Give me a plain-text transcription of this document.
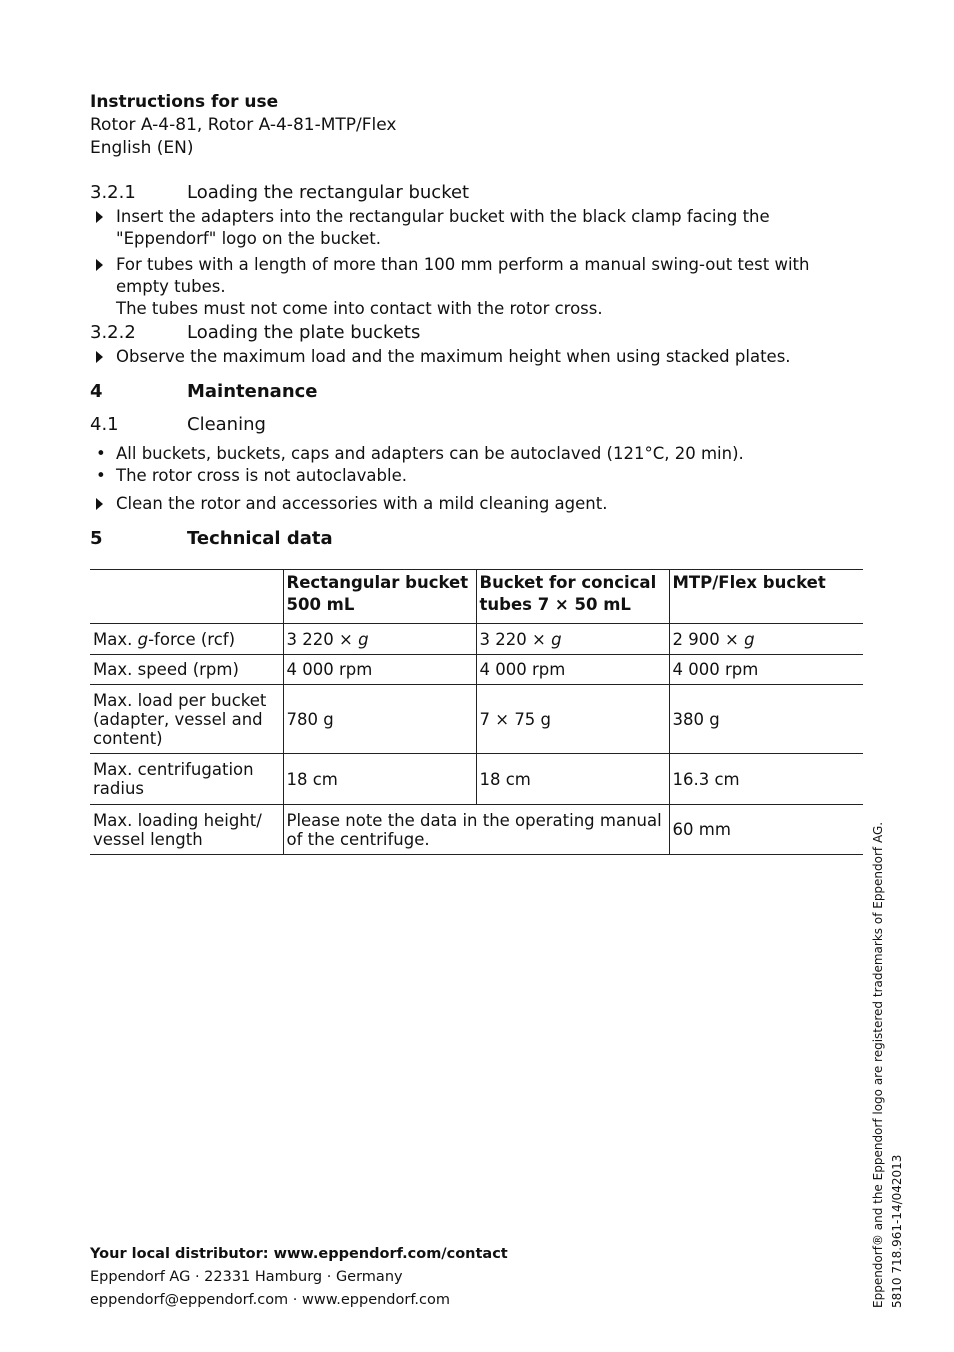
Instructions for use
Rotor A-4-81, Rotor A-4-81-MTP/Flex
English (EN)
3.2.1	Loading the rectangular bucket
Insert the adapters into the rectangular bucket with the black clamp facing the "Eppendorf" logo on the bucket.
For tubes with a length of more than 100 mm perform a manual swing-out test with empty tubes.
The tubes must not come into contact with the rotor cross.
3.2.2	Loading the plate buckets
Observe the maximum load and the maximum height when using stacked plates.
4	Maintenance
4.1	Cleaning
• All buckets, buckets, caps and adapters can be autoclaved (121°C, 20 min).
• The rotor cross is not autoclavable.
Clean the rotor and accessories with a mild cleaning agent.
5	Technical data
	Rectangular bucket 500 mL	Bucket for concical tubes 7 × 50 mL	MTP/Flex bucket
Max. g-force (rcf)	3 220 × g	3 220 × g	2 900 × g
Max. speed (rpm)	4 000 rpm	4 000 rpm	4 000 rpm
Max. load per bucket (adapter, vessel and content)	780 g	7 × 75 g	380 g
Max. centrifugation radius	18 cm	18 cm	16.3 cm
Max. loading height/ vessel length	Please note the data in the operating manual of the centrifuge.		60 mm
Your local distributor: www.eppendorf.com/contact
Eppendorf AG · 22331 Hamburg · Germany
eppendorf@eppendorf.com · www.eppendorf.com	Eppendorf® and the Eppendorf logo are registered trademarks of Eppendorf AG. 5810 718.961-14/042013
